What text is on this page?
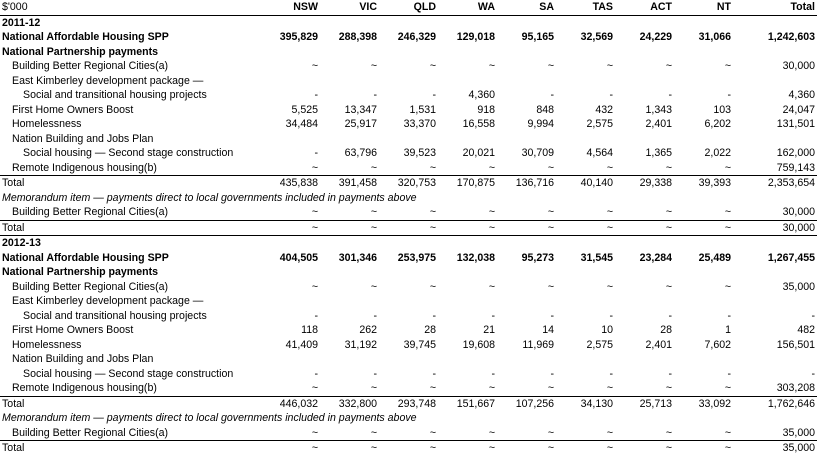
$'000	NSW	VIC	QLD	WA	SA	TAS	ACT	NT	Total
2011-12									
National Affordable Housing SPP	395,829	288,398	246,329	129,018	95,165	32,569	24,229	31,066	1,242,603
National Partnership payments									
Building Better Regional Cities(a)	~	~	~	~	~	~	~	~	30,000
East Kimberley development package —									
Social and transitional housing projects	-	-	-	4,360	-	-	-	-	4,360
First Home Owners Boost	5,525	13,347	1,531	918	848	432	1,343	103	24,047
Homelessness	34,484	25,917	33,370	16,558	9,994	2,575	2,401	6,202	131,501
Nation Building and Jobs Plan									
Social housing — Second stage construction	-	63,796	39,523	20,021	30,709	4,564	1,365	2,022	162,000
Remote Indigenous housing(b)	~	~	~	~	~	~	~	~	759,143
Total	435,838	391,458	320,753	170,875	136,716	40,140	29,338	39,393	2,353,654
Memorandum item — payments direct to local governments included in payments above									
Building Better Regional Cities(a)	~	~	~	~	~	~	~	~	30,000
Total	~	~	~	~	~	~	~	~	30,000
2012-13									
National Affordable Housing SPP	404,505	301,346	253,975	132,038	95,273	31,545	23,284	25,489	1,267,455
National Partnership payments									
Building Better Regional Cities(a)	~	~	~	~	~	~	~	~	35,000
East Kimberley development package —									
Social and transitional housing projects	-	-	-	-	-	-	-	-	-
First Home Owners Boost	118	262	28	21	14	10	28	1	482
Homelessness	41,409	31,192	39,745	19,608	11,969	2,575	2,401	7,602	156,501
Nation Building and Jobs Plan									
Social housing — Second stage construction	-	-	-	-	-	-	-	-	-
Remote Indigenous housing(b)	~	~	~	~	~	~	~	~	303,208
Total	446,032	332,800	293,748	151,667	107,256	34,130	25,713	33,092	1,762,646
Memorandum item — payments direct to local governments included in payments above									
Building Better Regional Cities(a)	~	~	~	~	~	~	~	~	35,000
Total	~	~	~	~	~	~	~	~	35,000
